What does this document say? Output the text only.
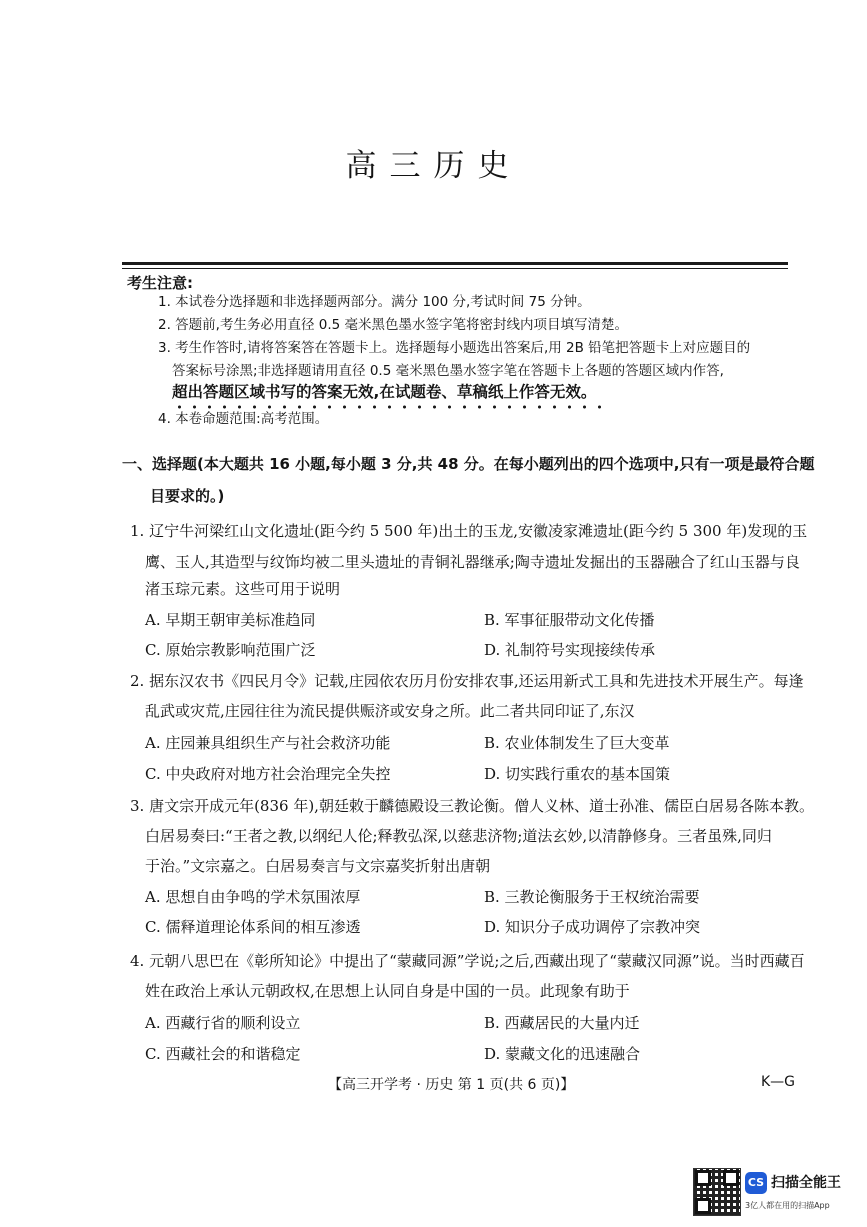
高三历史
考生注意:
1. 本试卷分选择题和非选择题两部分。满分 100 分,考试时间 75 分钟。
2. 答题前,考生务必用直径 0.5 毫米黑色墨水签字笔将密封线内项目填写清楚。
3. 考生作答时,请将答案答在答题卡上。选择题每小题选出答案后,用 2B 铅笔把答题卡上对应题目的
答案标号涂黑;非选择题请用直径 0.5 毫米黑色墨水签字笔在答题卡上各题的答题区域内作答,
超出答题区域书写的答案无效,在试题卷、草稿纸上作答无效。
4. 本卷命题范围:高考范围。
一、选择题(本大题共 16 小题,每小题 3 分,共 48 分。在每小题列出的四个选项中,只有一项是最符合题
目要求的。)
1. 辽宁牛河梁红山文化遗址(距今约 5 500 年)出土的玉龙,安徽凌家滩遗址(距今约 5 300 年)发现的玉
鹰、玉人,其造型与纹饰均被二里头遗址的青铜礼器继承;陶寺遗址发掘出的玉器融合了红山玉器与良
渚玉琮元素。这些可用于说明
A. 早期王朝审美标准趋同	B. 军事征服带动文化传播
C. 原始宗教影响范围广泛	D. 礼制符号实现接续传承
2. 据东汉农书《四民月令》记载,庄园依农历月份安排农事,还运用新式工具和先进技术开展生产。每逢
乱武或灾荒,庄园往往为流民提供赈济或安身之所。此二者共同印证了,东汉
A. 庄园兼具组织生产与社会救济功能	B. 农业体制发生了巨大变革
C. 中央政府对地方社会治理完全失控	D. 切实践行重农的基本国策
3. 唐文宗开成元年(836 年),朝廷敕于麟德殿设三教论衡。僧人义林、道士孙准、儒臣白居易各陈本教。
白居易奏曰:“王者之教,以纲纪人伦;释教弘深,以慈悲济物;道法玄妙,以清静修身。三者虽殊,同归
于治。”文宗嘉之。白居易奏言与文宗嘉奖折射出唐朝
A. 思想自由争鸣的学术氛围浓厚	B. 三教论衡服务于王权统治需要
C. 儒释道理论体系间的相互渗透	D. 知识分子成功调停了宗教冲突
4. 元朝八思巴在《彰所知论》中提出了“蒙藏同源”学说;之后,西藏出现了“蒙藏汉同源”说。当时西藏百
姓在政治上承认元朝政权,在思想上认同自身是中国的一员。此现象有助于
A. 西藏行省的顺利设立	B. 西藏居民的大量内迁
C. 西藏社会的和谐稳定	D. 蒙藏文化的迅速融合
【高三开学考 · 历史 第 1 页(共 6 页)】	K—G
CS 扫描全能王
3亿人都在用的扫描App
